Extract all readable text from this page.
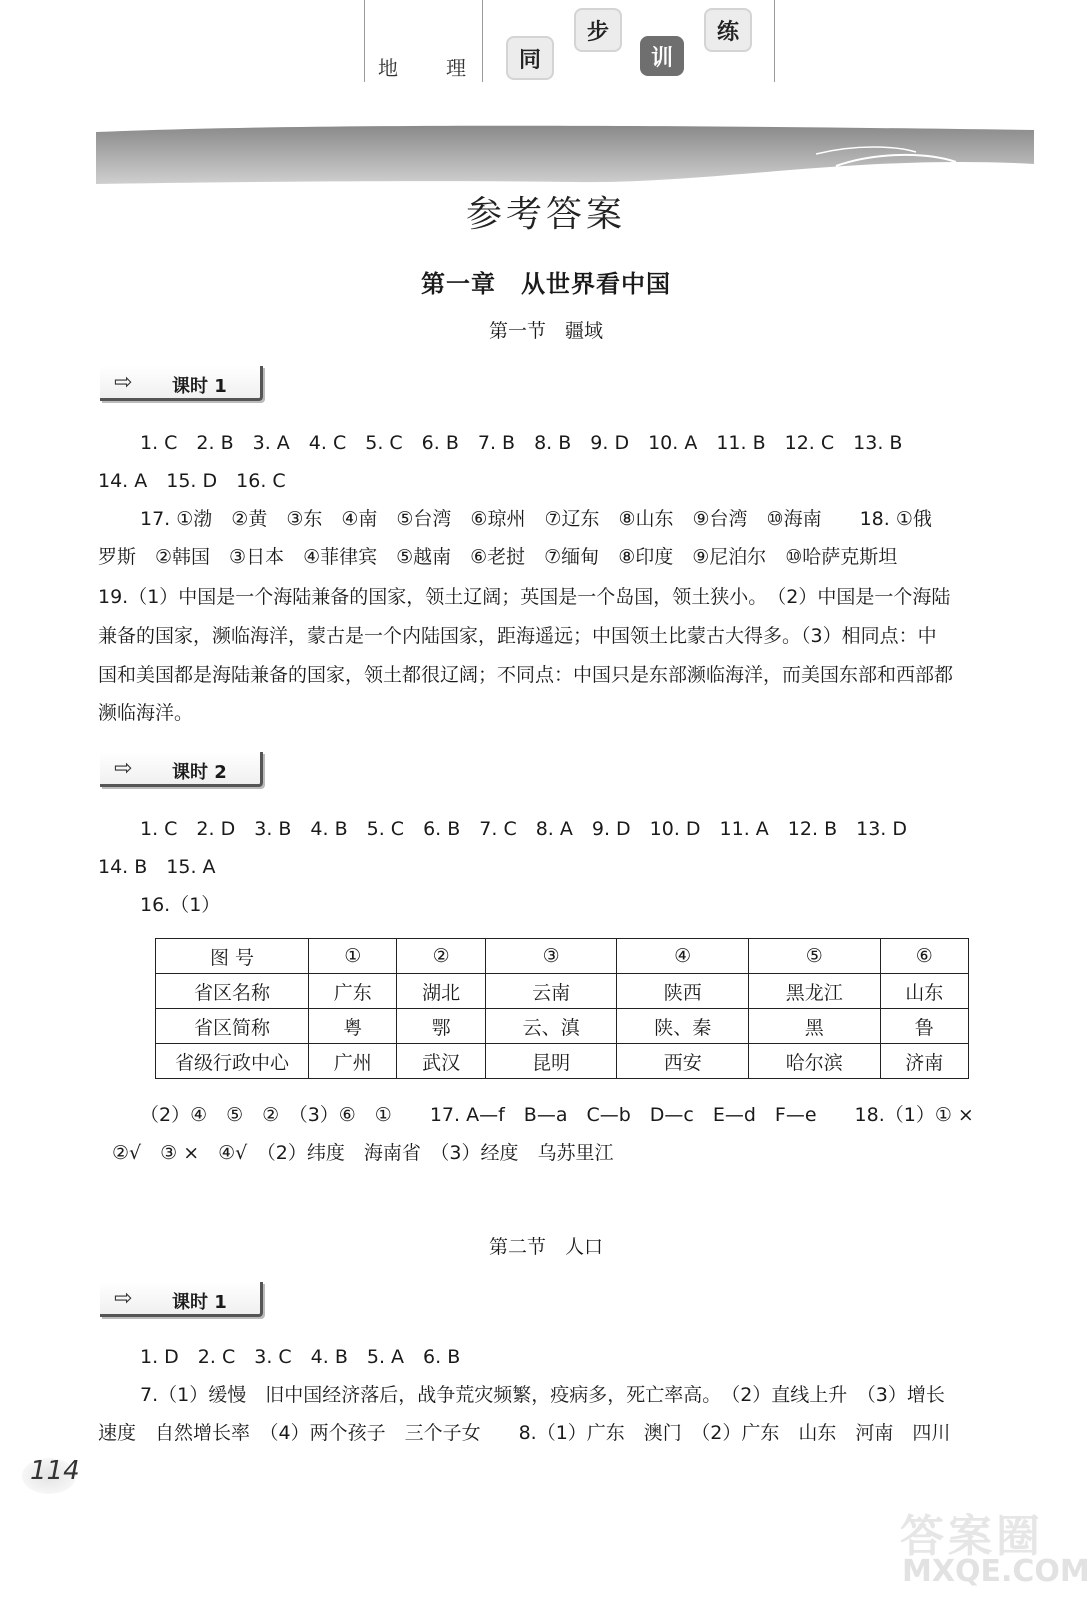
地 理	同
步
训
练
参考答案
第一章　从世界看中国
第一节　疆域
⇨ 课时 1
1. C　2. B　3. A　4. C　5. C　6. B　7. B　8. B　9. D　10. A　11. B　12. C　13. B
14. A　15. D　16. C
17. ①渤　②黄　③东　④南　⑤台湾　⑥琼州　⑦辽东　⑧山东　⑨台湾　⑩海南　　18. ①俄
罗斯　②韩国　③日本　④菲律宾　⑤越南　⑥老挝　⑦缅甸　⑧印度　⑨尼泊尔　⑩哈萨克斯坦
19.（1）中国是一个海陆兼备的国家，领土辽阔；英国是一个岛国，领土狭小。　（2）中国是一个海陆
兼备的国家，濒临海洋，蒙古是一个内陆国家，距海遥远；中国领土比蒙古大得多。（3）相同点：中
国和美国都是海陆兼备的国家，领土都很辽阔；不同点：中国只是东部濒临海洋，而美国东部和西部都
濒临海洋。
⇨ 课时 2
1. C　2. D　3. B　4. B　5. C　6. B　7. C　8. A　9. D　10. D　11. A　12. B　13. D
14. B　15. A
16.（1）
图 号	①	②	③	④	⑤	⑥
省区名称	广东	湖北	云南	陕西	黑龙江	山东
省区简称	粤	鄂	云、滇	陕、秦	黑	鲁
省级行政中心	广州	武汉	昆明	西安	哈尔滨	济南
（2）④　⑤　②　（3）⑥　①　　17. A—f　B—a　C—b　D—c　E—d　F—e　　18.（1）① ×
②√　③ ×　④√　（2）纬度　海南省　（3）经度　乌苏里江
第二节　人口
⇨ 课时 1
1. D　2. C　3. C　4. B　5. A　6. B
7.（1）缓慢　旧中国经济落后，战争荒灾频繁，疫病多，死亡率高。　（2）直线上升　（3）增长
速度　自然增长率　（4）两个孩子　三个子女　　8.（1）广东　澳门　（2）广东　山东　河南　四川
114
答案圈
MXQE.COM
